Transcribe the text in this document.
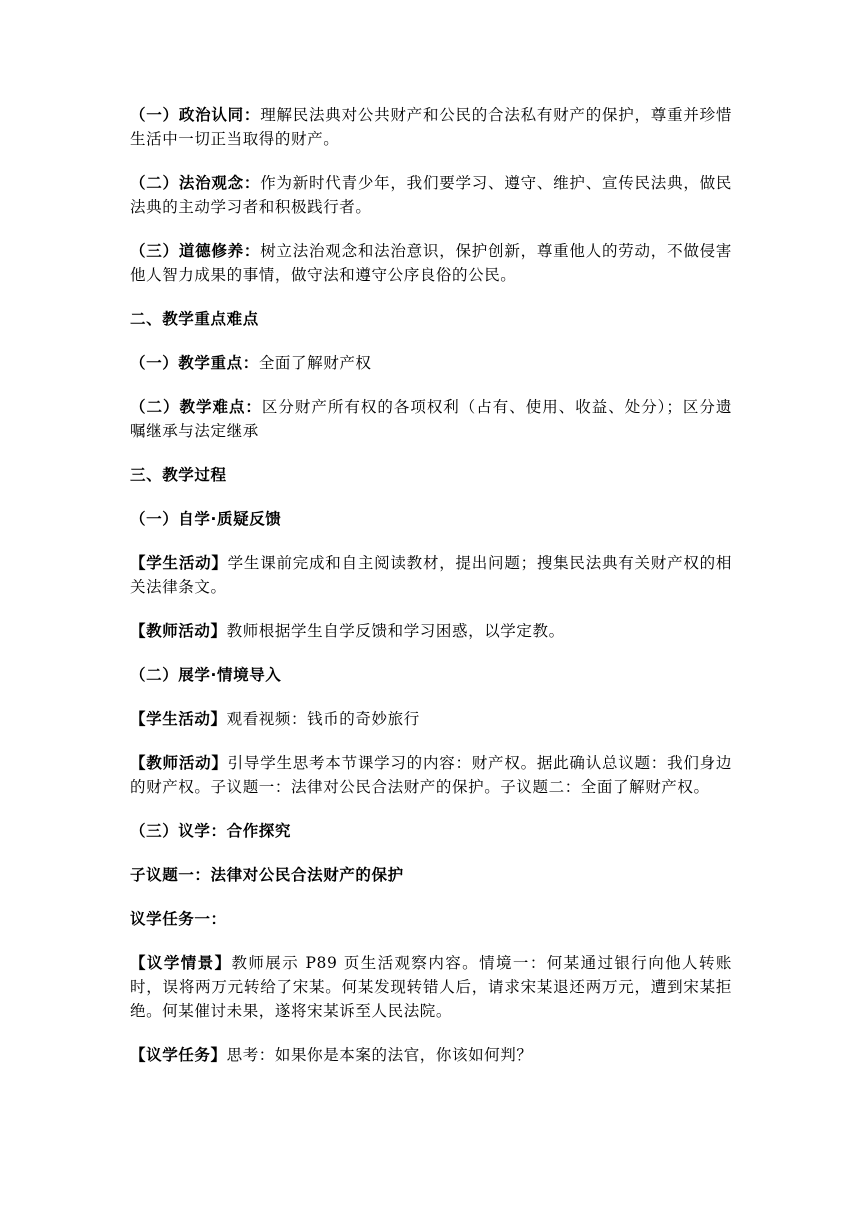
（一）政治认同：理解民法典对公共财产和公民的合法私有财产的保护，尊重并珍惜生活中一切正当取得的财产。

（二）法治观念：作为新时代青少年，我们要学习、遵守、维护、宣传民法典，做民法典的主动学习者和积极践行者。

（三）道德修养：树立法治观念和法治意识，保护创新，尊重他人的劳动，不做侵害他人智力成果的事情，做守法和遵守公序良俗的公民。

二、教学重点难点

（一）教学重点：全面了解财产权

（二）教学难点：区分财产所有权的各项权利（占有、使用、收益、处分）；区分遗嘱继承与法定继承

三、教学过程

（一）自学·质疑反馈

【学生活动】学生课前完成和自主阅读教材，提出问题；搜集民法典有关财产权的相关法律条文。

【教师活动】教师根据学生自学反馈和学习困惑，以学定教。

（二）展学·情境导入

【学生活动】观看视频：钱币的奇妙旅行

【教师活动】引导学生思考本节课学习的内容：财产权。据此确认总议题：我们身边的财产权。子议题一：法律对公民合法财产的保护。子议题二：全面了解财产权。

（三）议学：合作探究

子议题一：法律对公民合法财产的保护

议学任务一：

【议学情景】教师展示 P89 页生活观察内容。情境一：何某通过银行向他人转账时，误将两万元转给了宋某。何某发现转错人后，请求宋某退还两万元，遭到宋某拒绝。何某催讨未果，遂将宋某诉至人民法院。

【议学任务】思考：如果你是本案的法官，你该如何判？
